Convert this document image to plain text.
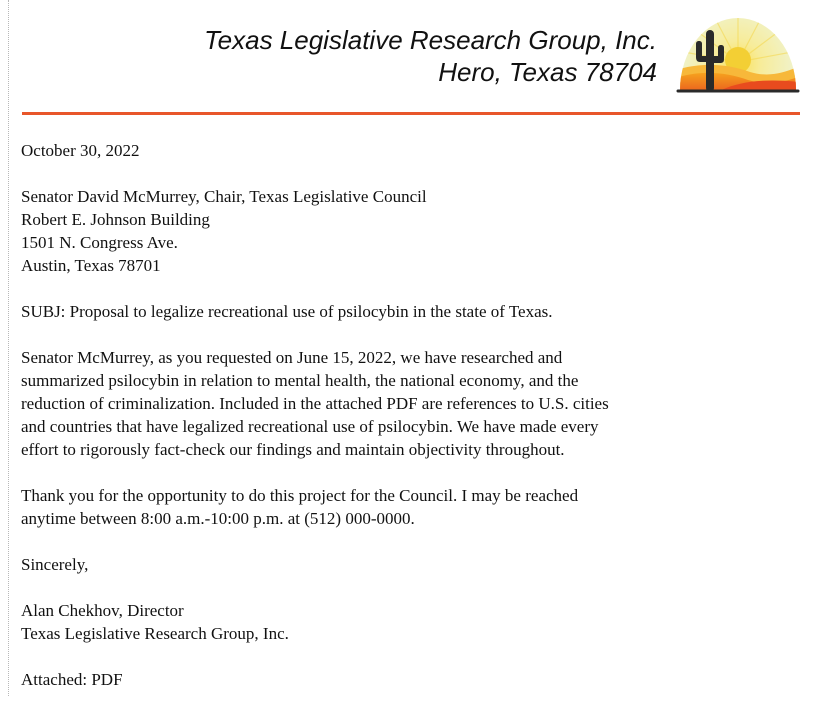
Texas Legislative Research Group, Inc.
Hero, Texas 78704

October 30, 2022

Senator David McMurrey, Chair, Texas Legislative Council
Robert E. Johnson Building
1501 N. Congress Ave.
Austin, Texas 78701

SUBJ: Proposal to legalize recreational use of psilocybin in the state of Texas.

Senator McMurrey, as you requested on June 15, 2022, we have researched and
summarized psilocybin in relation to mental health, the national economy, and the
reduction of criminalization. Included in the attached PDF are references to U.S. cities
and countries that have legalized recreational use of psilocybin. We have made every
effort to rigorously fact-check our findings and maintain objectivity throughout.

Thank you for the opportunity to do this project for the Council. I may be reached
anytime between 8:00 a.m.-10:00 p.m. at (512) 000-0000.

Sincerely,

Alan Chekhov, Director
Texas Legislative Research Group, Inc.

Attached: PDF
